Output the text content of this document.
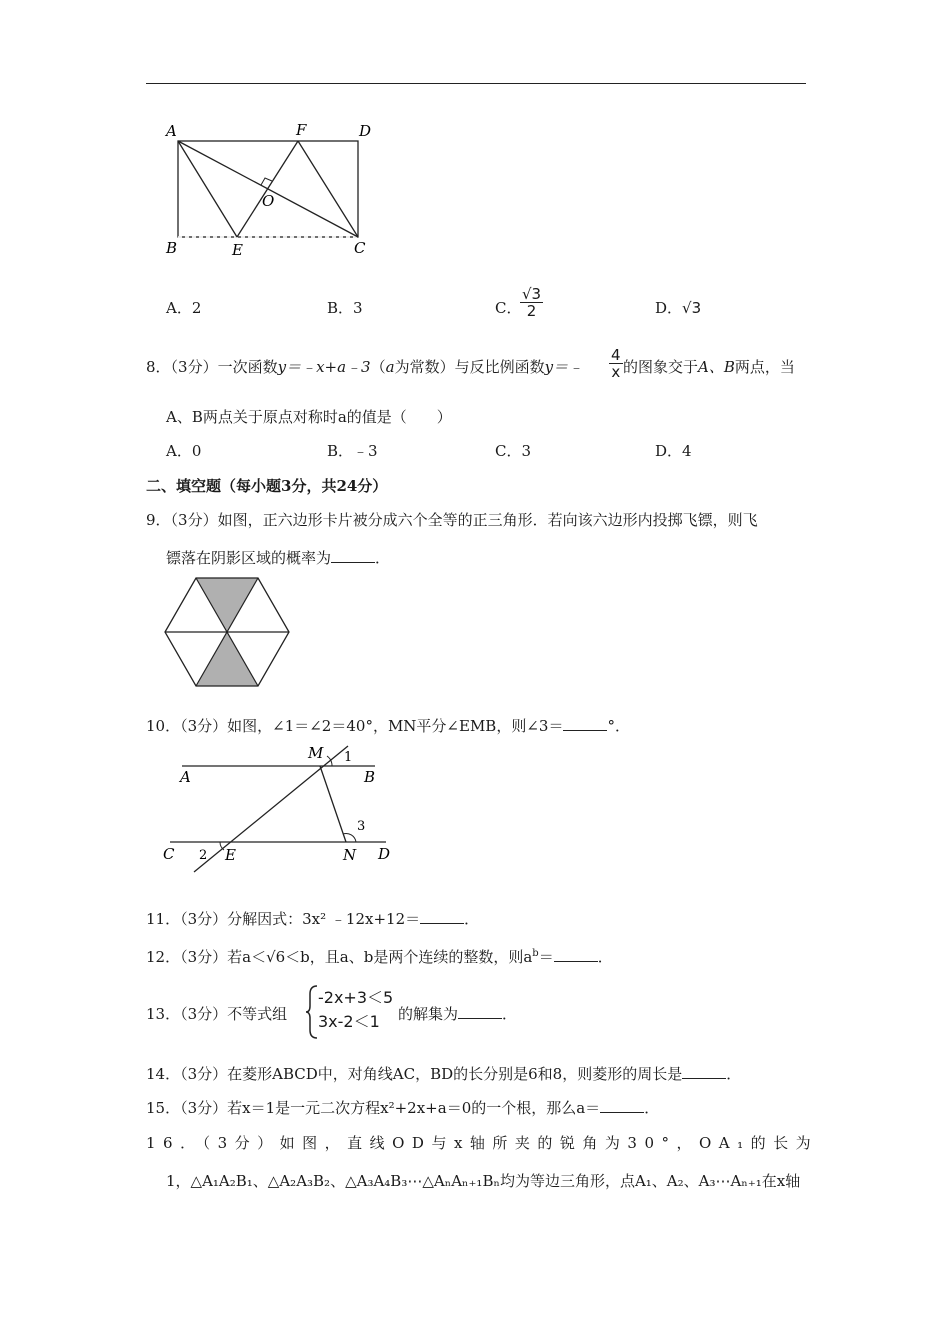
A	F	D
O
B	E	C
A．2	B．3	C．
$\frac{√3}{2}$	D．√3
8．（3分）一次函数y＝﹣x+a﹣3（a为常数）与反比例函数y＝﹣ $\frac{4}{x}$ 的图象交于A、B两点，当
A、B两点关于原点对称时a的值是（　　）
A．0	B．﹣3	C．3	D．4
二、填空题（每小题3分，共24分）
9．（3分）如图，正六边形卡片被分成六个全等的正三角形．若向该六边形内投掷飞镖，则飞
镖落在阴影区域的概率为	．
10．（3分）如图，∠1＝∠2＝40°，MN平分∠EMB，则∠3＝	°．
M 1
A	B
3
C 2 E	N D
11．（3分）分解因式：3x² ﹣12x+12＝	．
12．（3分）若a＜√6＜b，且a、b是两个连续的整数，则$a^b=$	．
13．（3分）不等式组
-2x+3＜5
3x-2＜1	的解集为	．
14．（3分）在菱形ABCD中，对角线AC，BD的长分别是6和8，则菱形的周长是	．
15．（3分）若x＝1是一元二次方程x²+2x+a＝0的一个根，那么a＝	．
16．（3分）如图，直线OD与x轴所夹的锐角为30°，OA₁的长为
1，△A₁A₂B₁、△A₂A₃B₂、△A₃A₄B₃⋯△AₙAₙ₊₁Bₙ均为等边三角形，点A₁、A₂、A₃⋯Aₙ₊₁在x轴
